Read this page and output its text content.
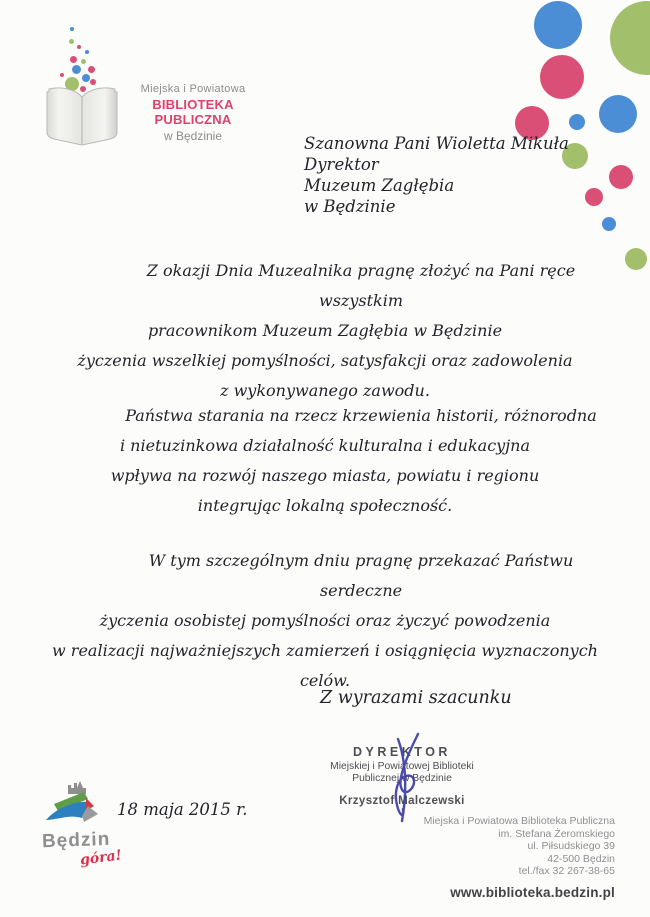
Miejska i Powiatowa
BIBLIOTEKA PUBLICZNA
w Będzinie	Szanowna Pani Wioletta Mikuła
Dyrektor
Muzeum Zagłębia
w Będzinie
Z okazji Dnia Muzealnika pragnę złożyć na Pani ręce wszystkim
pracownikom Muzeum Zagłębia w Będzinie
życzenia wszelkiej pomyślności, satysfakcji oraz zadowolenia
z wykonywanego zawodu.
Państwa starania na rzecz krzewienia historii, różnorodna
i nietuzinkowa działalność kulturalna i edukacyjna
wpływa na rozwój naszego miasta, powiatu i regionu
integrując lokalną społeczność.
W tym szczególnym dniu pragnę przekazać Państwu serdeczne
życzenia osobistej pomyślności oraz życzyć powodzenia
w realizacji najważniejszych zamierzeń i osiągnięcia wyznaczonych
celów.
Z wyrazami szacunku
DYREKTOR
Miejskiej i Powiatowej Biblioteki
Publicznej w Będzinie
Krzysztof Malczewski
18 maja 2015 r.
Będzin
góra!
Miejska i Powiatowa Biblioteka Publiczna
im. Stefana Żeromskiego
ul. Piłsudskiego 39
42-500 Będzin
tel./fax 32 267-38-65
www.biblioteka.bedzin.pl
